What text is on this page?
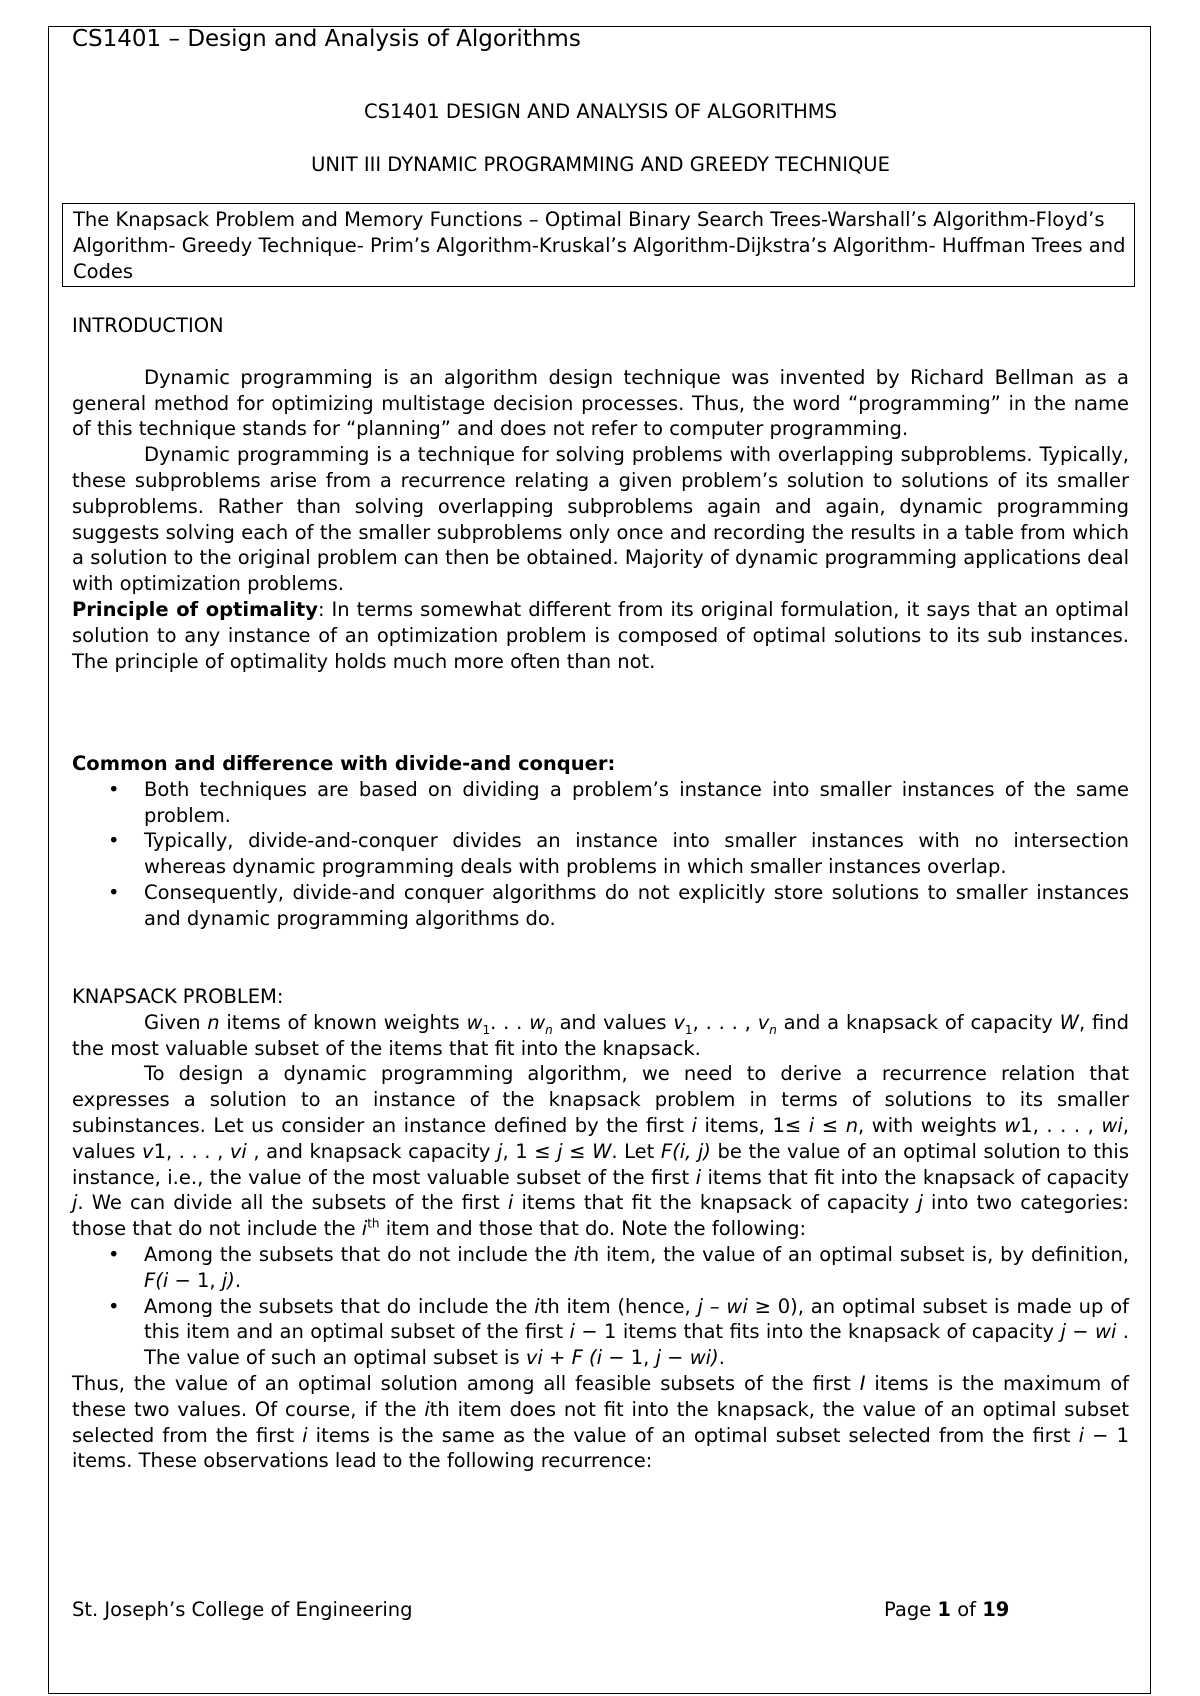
CS1401 – Design and Analysis of Algorithms
CS1401 DESIGN AND ANALYSIS OF ALGORITHMS
UNIT III DYNAMIC PROGRAMMING AND GREEDY TECHNIQUE
The Knapsack Problem and Memory Functions – Optimal Binary Search Trees-Warshall’s Algorithm-Floyd’s Algorithm- Greedy Technique- Prim’s Algorithm-Kruskal’s Algorithm-Dijkstra’s Algorithm- Huffman Trees and Codes
INTRODUCTION

Dynamic programming is an algorithm design technique was invented by Richard Bellman as a general method for optimizing multistage decision processes. Thus, the word “programming” in the name of this technique stands for “planning” and does not refer to computer programming.

Dynamic programming is a technique for solving problems with overlapping subproblems. Typically, these subproblems arise from a recurrence relating a given problem’s solution to solutions of its smaller subproblems. Rather than solving overlapping subproblems again and again, dynamic programming suggests solving each of the smaller subproblems only once and recording the results in a table from which a solution to the original problem can then be obtained. Majority of dynamic programming applications deal with optimization problems.

Principle of optimality: In terms somewhat different from its original formulation, it says that an optimal solution to any instance of an optimization problem is composed of optimal solutions to its sub instances. The principle of optimality holds much more often than not.

Common and difference with divide-and conquer:
• Both techniques are based on dividing a problem’s instance into smaller instances of the same problem.
• Typically, divide-and-conquer divides an instance into smaller instances with no intersection whereas dynamic programming deals with problems in which smaller instances overlap.
• Consequently, divide-and conquer algorithms do not explicitly store solutions to smaller instances and dynamic programming algorithms do.
KNAPSACK PROBLEM:

Given n items of known weights $w_1$. . . $w_n$ and values $v_1$, . . . , $v_n$ and a knapsack of capacity W, find the most valuable subset of the items that fit into the knapsack.

To design a dynamic programming algorithm, we need to derive a recurrence relation that expresses a solution to an instance of the knapsack problem in terms of solutions to its smaller subinstances. Let us consider an instance defined by the first i items, 1≤ i ≤ n, with weights w1, . . . , wi, values v1, . . . , vi , and knapsack capacity j, 1 ≤ j ≤ W. Let F(i, j) be the value of an optimal solution to this instance, i.e., the value of the most valuable subset of the first i items that fit into the knapsack of capacity j. We can divide all the subsets of the first i items that fit the knapsack of capacity j into two categories: those that do not include the $i^{th}$ item and those that do. Note the following:

• Among the subsets that do not include the ith item, the value of an optimal subset is, by definition, F(i − 1, j).
• Among the subsets that do include the ith item (hence, j – wi ≥ 0), an optimal subset is made up of this item and an optimal subset of the first i − 1 items that fits into the knapsack of capacity j − wi . The value of such an optimal subset is vi + F (i − 1, j − wi).

Thus, the value of an optimal solution among all feasible subsets of the first I items is the maximum of these two values. Of course, if the ith item does not fit into the knapsack, the value of an optimal subset selected from the first i items is the same as the value of an optimal subset selected from the first i − 1 items. These observations lead to the following recurrence:

St. Joseph’s College of Engineering	Page 1 of 19
